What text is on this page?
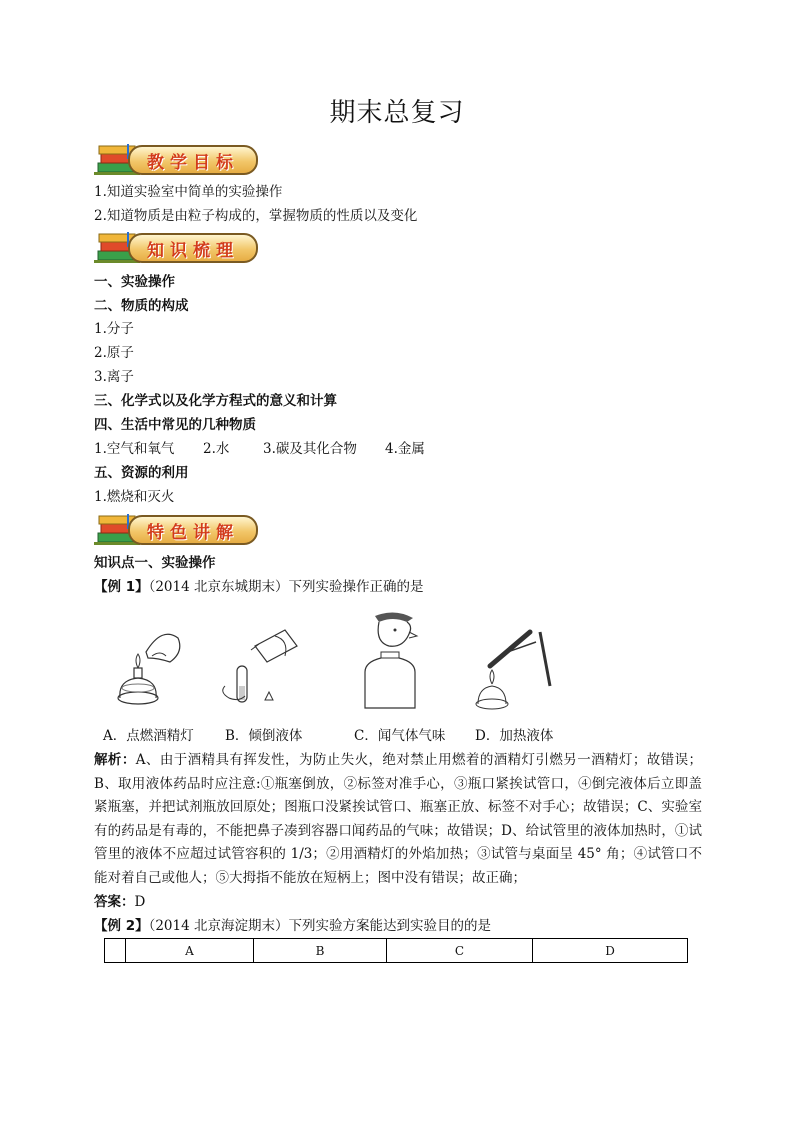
期末总复习
教学目标
1.知道实验室中简单的实验操作
2.知道物质是由粒子构成的，掌握物质的性质以及变化
知识梳理
一、实验操作
二、物质的构成
1.分子
2.原子
3.离子
三、化学式以及化学方程式的意义和计算
四、生活中常见的几种物质
1.空气和氧气 2.水 3.碳及其化合物 4.金属
五、资源的利用
1.燃烧和灭火
特色讲解
知识点一、实验操作
【例 1】（2014 北京东城期末）下列实验操作正确的是
A．点燃酒精灯 B．倾倒液体	C．闻气体气味 D．加热液体
解析：A、由于酒精具有挥发性，为防止失火，绝对禁止用燃着的酒精灯引燃另一酒精灯；故错误；B、取用液体药品时应注意:①瓶塞倒放，②标签对准手心，③瓶口紧挨试管口，④倒完液体后立即盖紧瓶塞，并把试剂瓶放回原处；图瓶口没紧挨试管口、瓶塞正放、标签不对手心；故错误；C、实验室有的药品是有毒的，不能把鼻子凑到容器口闻药品的气味；故错误；D、给试管里的液体加热时，①试管里的液体不应超过试管容积的 1/3；②用酒精灯的外焰加热；③试管与桌面呈 45° 角；④试管口不能对着自己或他人；⑤大拇指不能放在短柄上；图中没有错误；故正确；
答案：D
【例 2】（2014 北京海淀期末）下列实验方案能达到实验目的的是
	A	B	C	D
